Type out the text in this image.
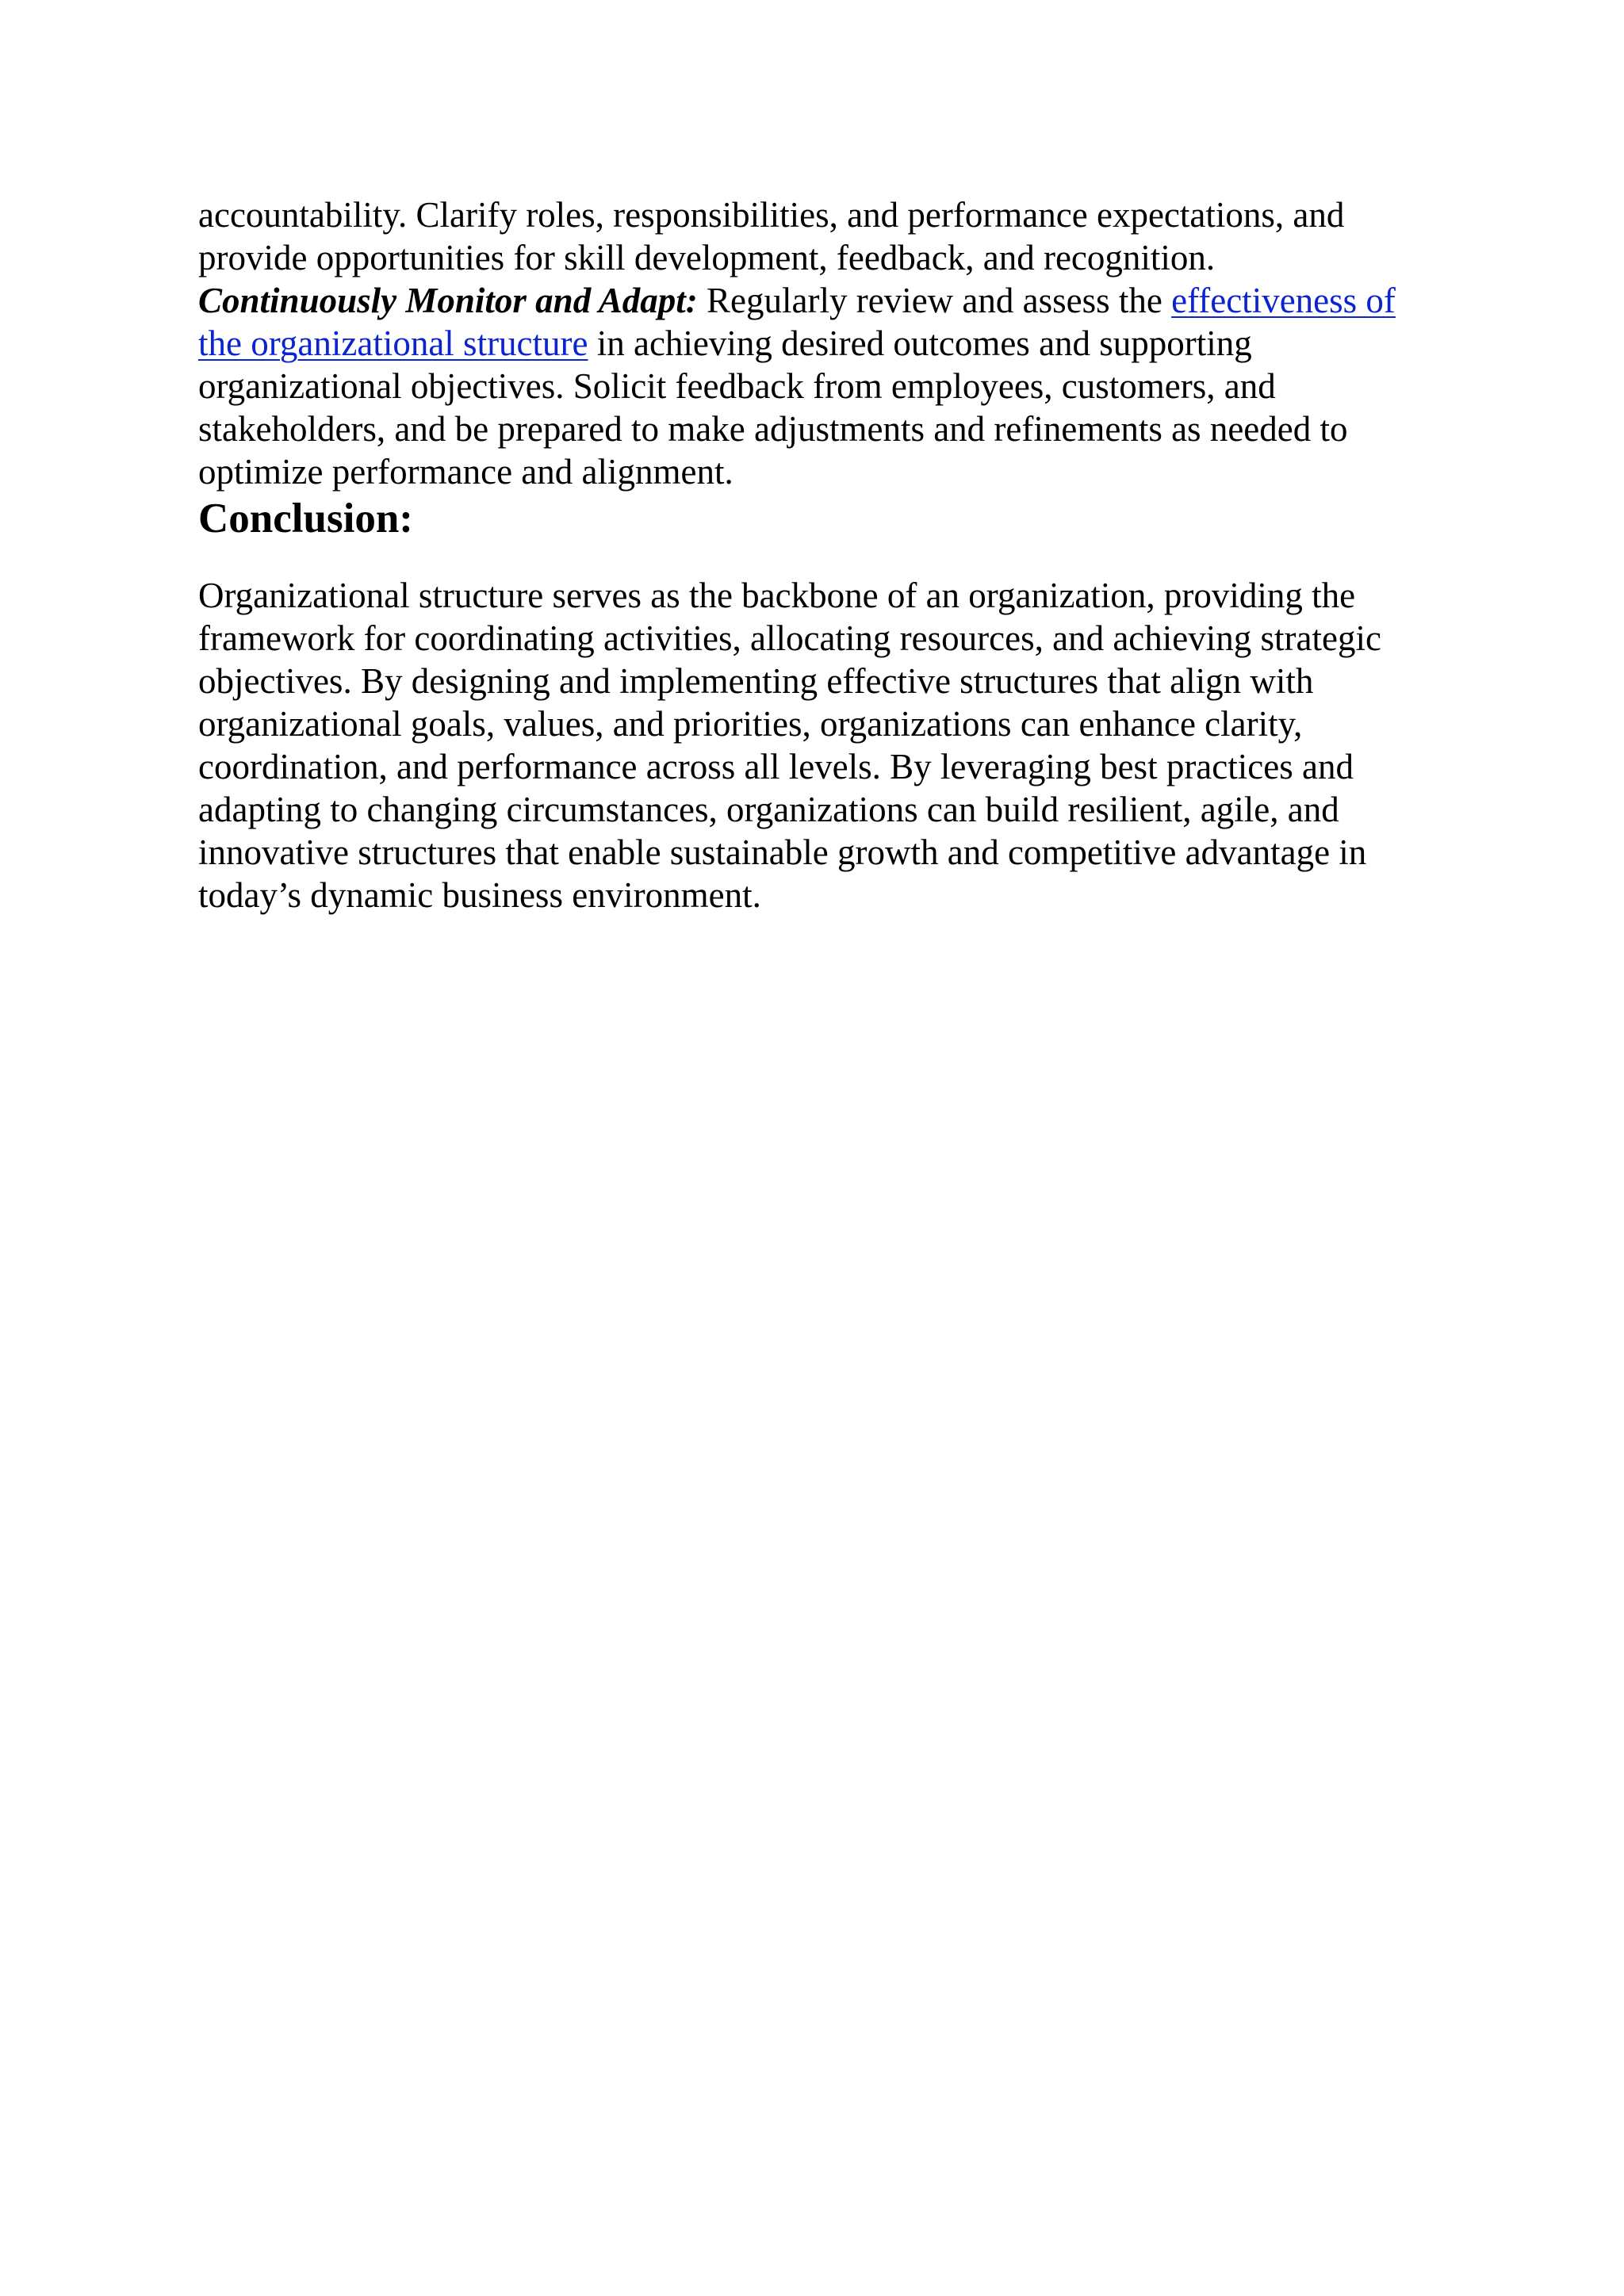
accountability. Clarify roles, responsibilities, and performance expectations, and provide opportunities for skill development, feedback, and recognition.

Continuously Monitor and Adapt: Regularly review and assess the effectiveness of the organizational structure in achieving desired outcomes and supporting organizational objectives. Solicit feedback from employees, customers, and stakeholders, and be prepared to make adjustments and refinements as needed to optimize performance and alignment.

Conclusion:

Organizational structure serves as the backbone of an organization, providing the framework for coordinating activities, allocating resources, and achieving strategic objectives. By designing and implementing effective structures that align with organizational goals, values, and priorities, organizations can enhance clarity, coordination, and performance across all levels. By leveraging best practices and adapting to changing circumstances, organizations can build resilient, agile, and innovative structures that enable sustainable growth and competitive advantage in today’s dynamic business environment.
